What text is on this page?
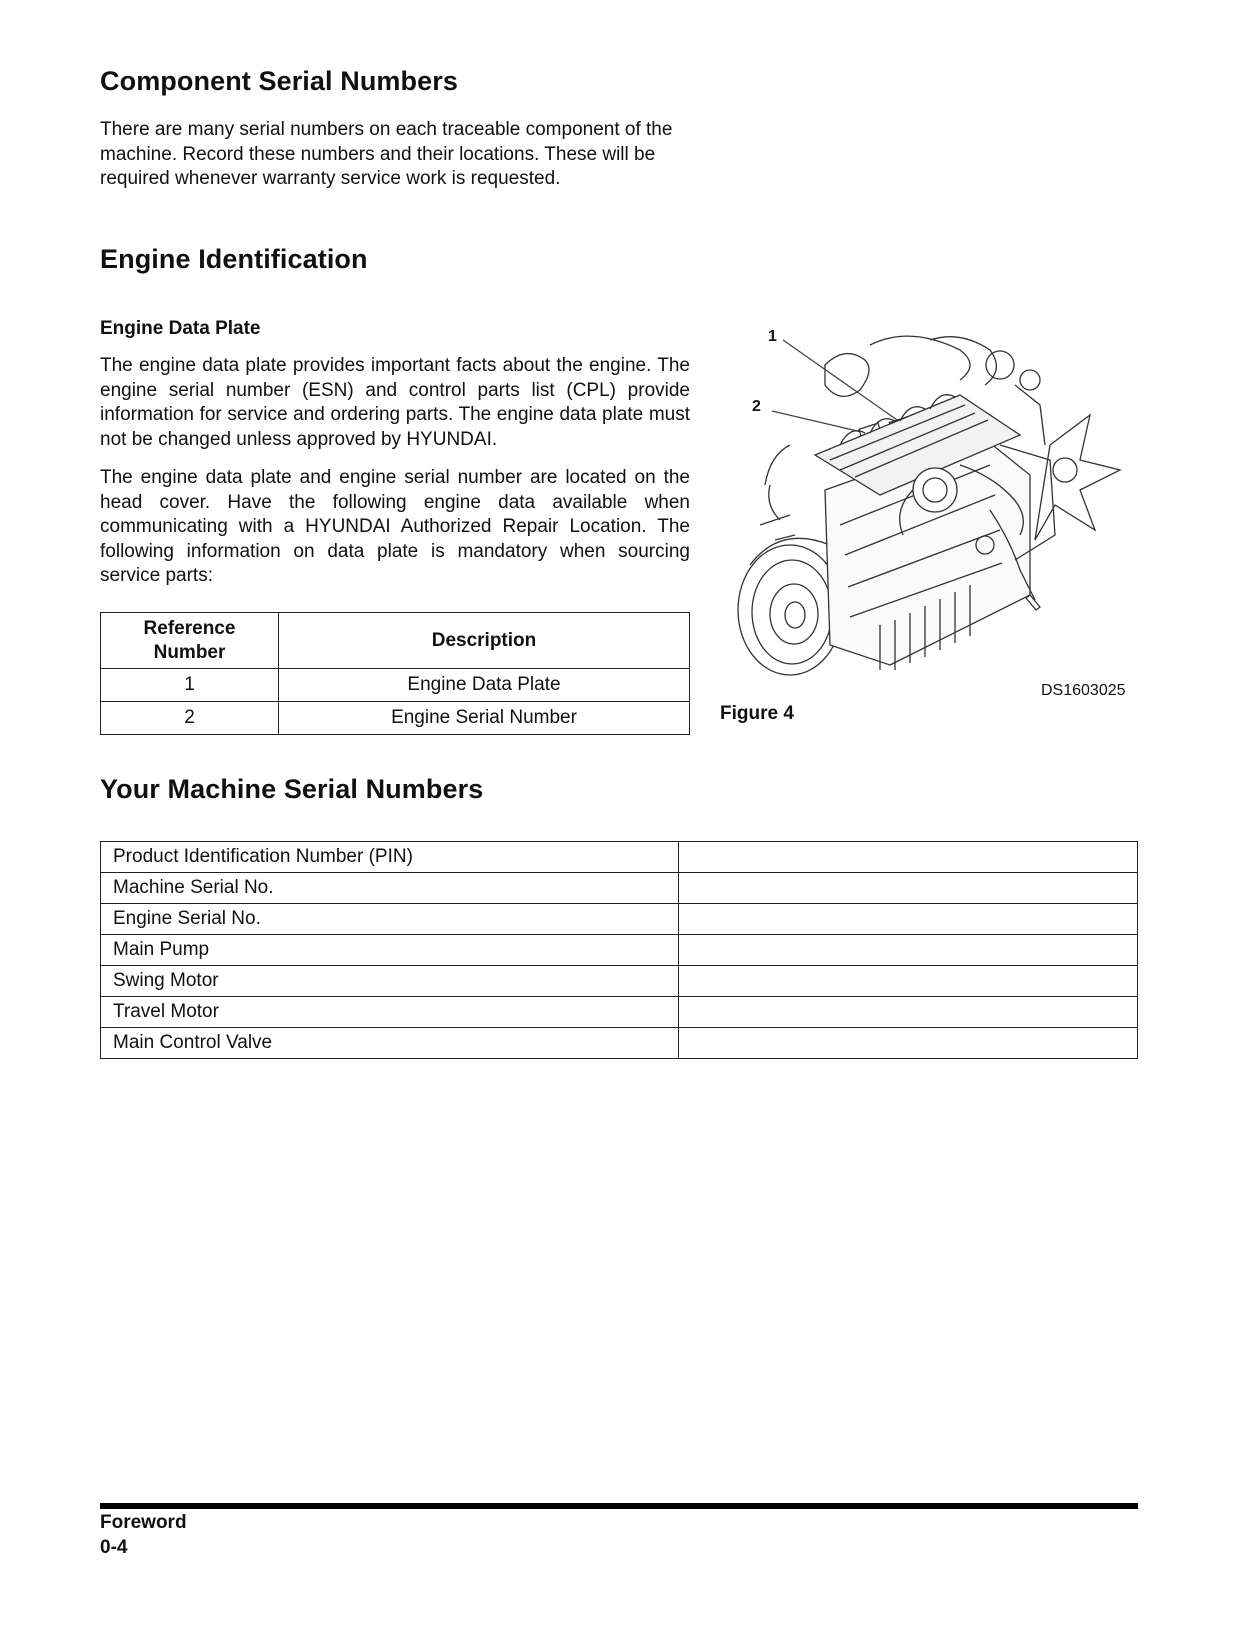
Component Serial Numbers

There are many serial numbers on each traceable component of the machine. Record these numbers and their locations. These will be required whenever warranty service work is requested.

Engine Identification
Engine Data Plate

The engine data plate provides important facts about the engine. The engine serial number (ESN) and control parts list (CPL) provide information for service and ordering parts. The engine data plate must not be changed unless approved by HYUNDAI.

The engine data plate and engine serial number are located on the head cover. Have the following engine data available when communicating with a HYUNDAI Authorized Repair Location. The following information on data plate is mandatory when sourcing service parts:

Reference Number	Description
1	Engine Data Plate
2	Engine Serial Number
1
2
DS1603025
Figure 4
Your Machine Serial Numbers
Product Identification Number (PIN)	
Machine Serial No.	
Engine Serial No.	
Main Pump	
Swing Motor	
Travel Motor	
Main Control Valve	
Foreword
0-4
